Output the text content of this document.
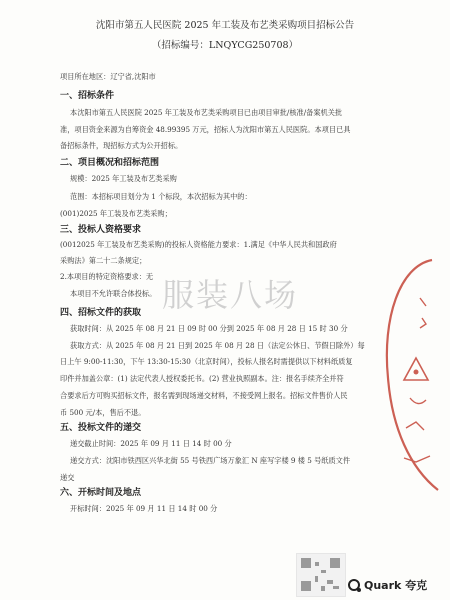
沈阳市第五人民医院 2025 年工装及布艺类采购项目招标公告
（招标编号：LNQYCG250708）
项目所在地区：辽宁省,沈阳市
一、招标条件
本沈阳市第五人民医院 2025 年工装及布艺类采购项目已由项目审批/核准/备案机关批
准，项目资金来源为自筹资金 48.99395 万元，招标人为沈阳市第五人民医院。本项目已具
备招标条件，现招标方式为公开招标。
二、项目概况和招标范围
规模：2025 年工装及布艺类采购
范围：本招标项目划分为 1 个标段，本次招标为其中的：
(001)2025 年工装及布艺类采购；
三、投标人资格要求
(0012025 年工装及布艺类采购)的投标人资格能力要求：1.满足《中华人民共和国政府
采购法》第二十二条规定；
2.本项目的特定资格要求：无
本项目不允许联合体投标。
四、招标文件的获取
获取时间：从 2025 年 08 月 21 日 09 时 00 分到 2025 年 08 月 28 日 15 时 30 分
获取方式：从 2025 年 08 月 21 日到 2025 年 08 月 28 日（法定公休日、节假日除外）每
日上午 9:00-11:30，下午 13:30-15:30（北京时间），投标人报名时需提供以下材料纸质复
印件并加盖公章：(1) 法定代表人授权委托书。(2) 营业执照副本。注：报名手续齐全并符
合要求后方可购买招标文件，报名需到现场递交材料，不接受网上报名。招标文件售价人民
币 500 元/本，售后不退。
五、投标文件的递交
递交截止时间：2025 年 09 月 11 日 14 时 00 分
递交方式：沈阳市铁西区兴华北街 55 号铁西广场万象汇 N 座写字楼 9 楼 5 号纸质文件
递交
六、开标时间及地点
开标时间：2025 年 09 月 11 日 14 时 00 分
服装八场
Quark 夸克
